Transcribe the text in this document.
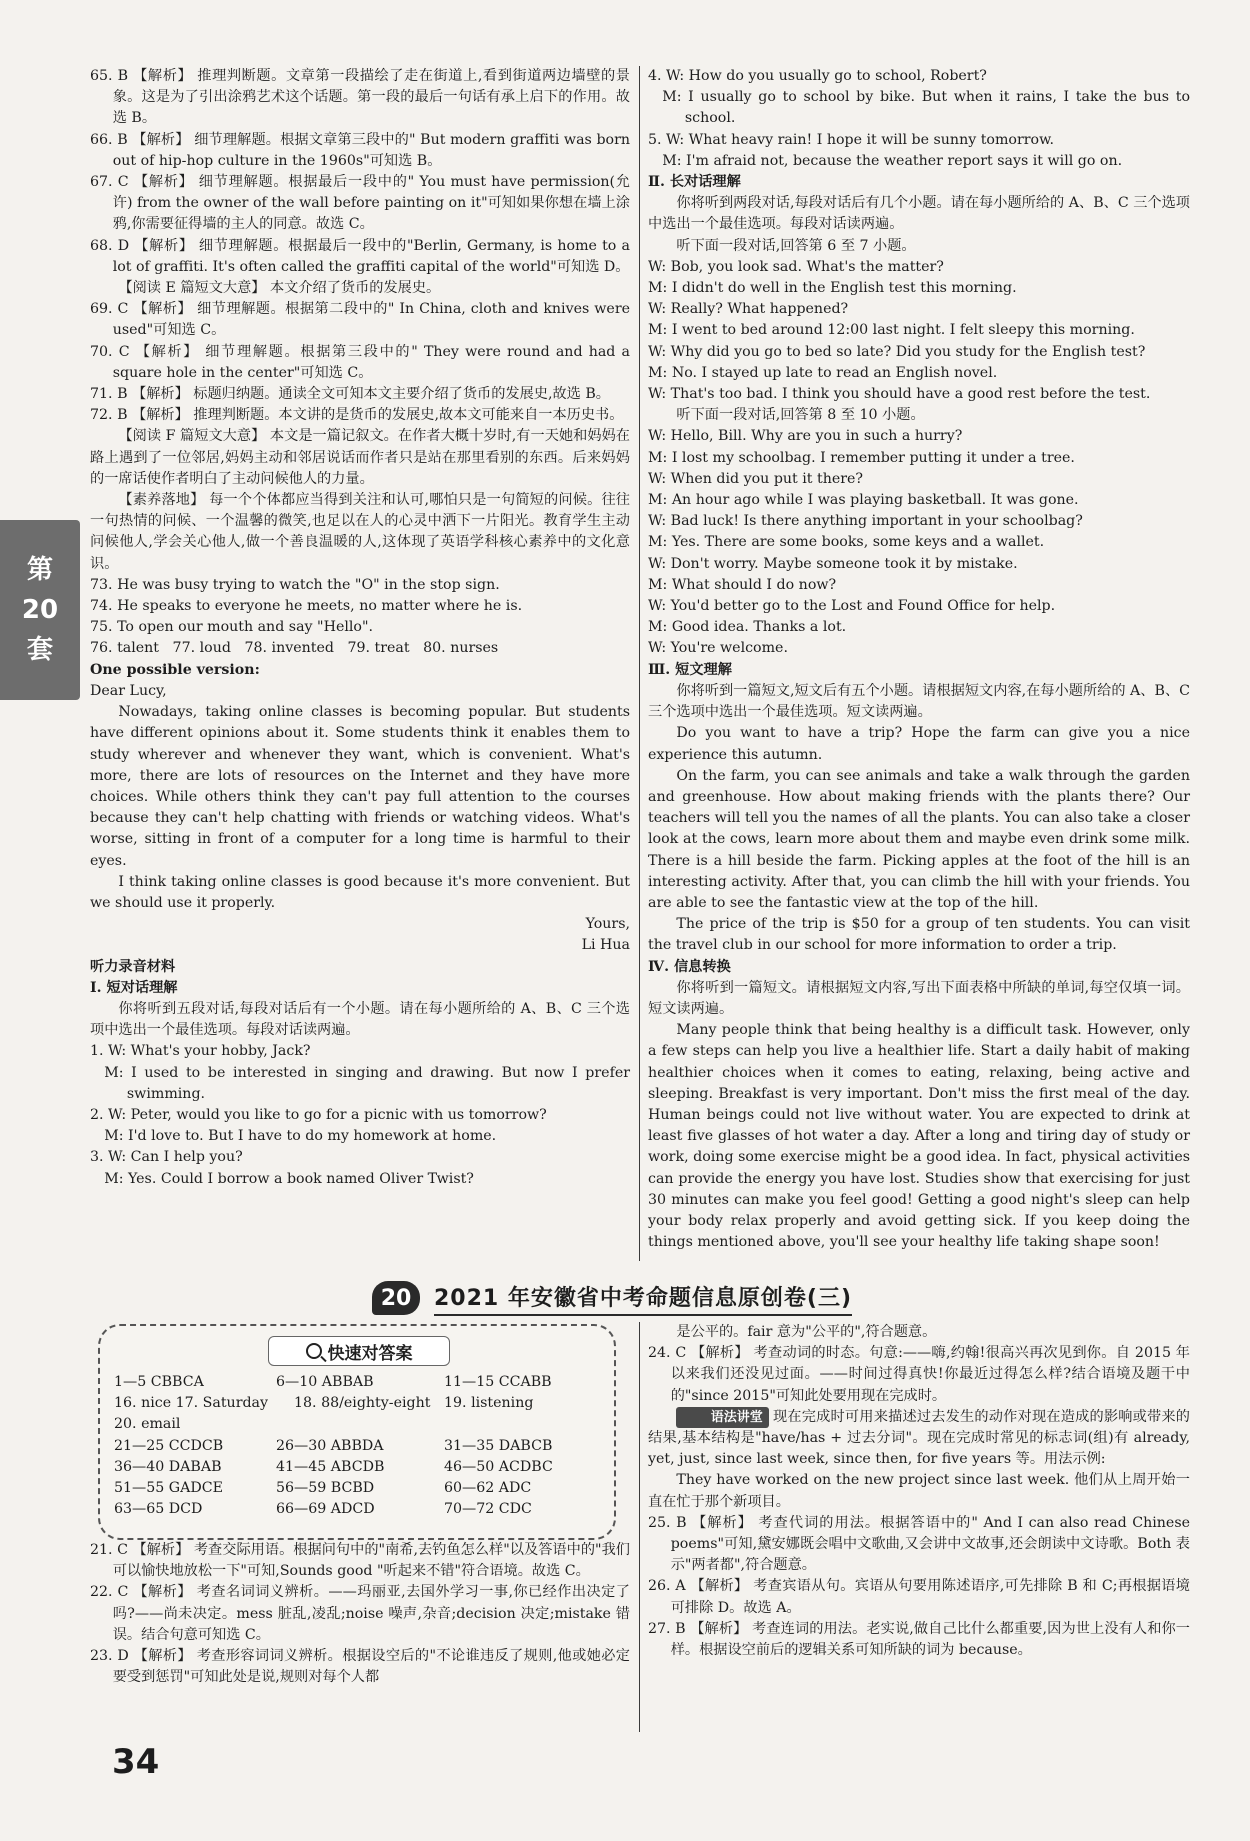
第
20
套

65. B 【解析】 推理判断题。文章第一段描绘了走在街道上,看到街道两边墙壁的景象。这是为了引出涂鸦艺术这个话题。第一段的最后一句话有承上启下的作用。故选 B。

66. B 【解析】 细节理解题。根据文章第三段中的" But modern graffiti was born out of hip-hop culture in the 1960s"可知选 B。

67. C 【解析】 细节理解题。根据最后一段中的" You must have permission(允许) from the owner of the wall before painting on it"可知如果你想在墙上涂鸦,你需要征得墙的主人的同意。故选 C。

68. D 【解析】 细节理解题。根据最后一段中的"Berlin, Germany, is home to a lot of graffiti. It's often called the graffiti capital of the world"可知选 D。

【阅读 E 篇短文大意】 本文介绍了货币的发展史。

69. C 【解析】 细节理解题。根据第二段中的" In China, cloth and knives were used"可知选 C。

70. C 【解析】 细节理解题。根据第三段中的" They were round and had a square hole in the center"可知选 C。

71. B 【解析】 标题归纳题。通读全文可知本文主要介绍了货币的发展史,故选 B。

72. B 【解析】 推理判断题。本文讲的是货币的发展史,故本文可能来自一本历史书。

【阅读 F 篇短文大意】 本文是一篇记叙文。在作者大概十岁时,有一天她和妈妈在路上遇到了一位邻居,妈妈主动和邻居说话而作者只是站在那里看别的东西。后来妈妈的一席话使作者明白了主动问候他人的力量。

【素养落地】 每一个个体都应当得到关注和认可,哪怕只是一句简短的问候。往往一句热情的问候、一个温馨的微笑,也足以在人的心灵中洒下一片阳光。教育学生主动问候他人,学会关心他人,做一个善良温暖的人,这体现了英语学科核心素养中的文化意识。

73. He was busy trying to watch the "O" in the stop sign.

74. He speaks to everyone he meets, no matter where he is.

75. To open our mouth and say "Hello".

76. talent 77. loud 78. invented 79. treat 80. nurses

One possible version:

Dear Lucy,

Nowadays, taking online classes is becoming popular. But students have different opinions about it. Some students think it enables them to study wherever and whenever they want, which is convenient. What's more, there are lots of resources on the Internet and they have more choices. While others think they can't pay full attention to the courses because they can't help chatting with friends or watching videos. What's worse, sitting in front of a computer for a long time is harmful to their eyes.

I think taking online classes is good because it's more convenient. But we should use it properly.

Yours,

Li Hua

听力录音材料

Ⅰ. 短对话理解

你将听到五段对话,每段对话后有一个小题。请在每小题所给的 A、B、C 三个选项中选出一个最佳选项。每段对话读两遍。

1. W: What's your hobby, Jack?

M: I used to be interested in singing and drawing. But now I prefer swimming.

2. W: Peter, would you like to go for a picnic with us tomorrow?

M: I'd love to. But I have to do my homework at home.

3. W: Can I help you?

M: Yes. Could I borrow a book named Oliver Twist?

4. W: How do you usually go to school, Robert?

M: I usually go to school by bike. But when it rains, I take the bus to school.

5. W: What heavy rain! I hope it will be sunny tomorrow.

M: I'm afraid not, because the weather report says it will go on.

Ⅱ. 长对话理解

你将听到两段对话,每段对话后有几个小题。请在每小题所给的 A、B、C 三个选项中选出一个最佳选项。每段对话读两遍。

听下面一段对话,回答第 6 至 7 小题。

W: Bob, you look sad. What's the matter?

M: I didn't do well in the English test this morning.

W: Really? What happened?

M: I went to bed around 12:00 last night. I felt sleepy this morning.

W: Why did you go to bed so late? Did you study for the English test?

M: No. I stayed up late to read an English novel.

W: That's too bad. I think you should have a good rest before the test.

听下面一段对话,回答第 8 至 10 小题。

W: Hello, Bill. Why are you in such a hurry?

M: I lost my schoolbag. I remember putting it under a tree.

W: When did you put it there?

M: An hour ago while I was playing basketball. It was gone.

W: Bad luck! Is there anything important in your schoolbag?

M: Yes. There are some books, some keys and a wallet.

W: Don't worry. Maybe someone took it by mistake.

M: What should I do now?

W: You'd better go to the Lost and Found Office for help.

M: Good idea. Thanks a lot.

W: You're welcome.

Ⅲ. 短文理解

你将听到一篇短文,短文后有五个小题。请根据短文内容,在每小题所给的 A、B、C 三个选项中选出一个最佳选项。短文读两遍。

Do you want to have a trip? Hope the farm can give you a nice experience this autumn.

On the farm, you can see animals and take a walk through the garden and greenhouse. How about making friends with the plants there? Our teachers will tell you the names of all the plants. You can also take a closer look at the cows, learn more about them and maybe even drink some milk. There is a hill beside the farm. Picking apples at the foot of the hill is an interesting activity. After that, you can climb the hill with your friends. You are able to see the fantastic view at the top of the hill.

The price of the trip is $50 for a group of ten students. You can visit the travel club in our school for more information to order a trip.

Ⅳ. 信息转换

你将听到一篇短文。请根据短文内容,写出下面表格中所缺的单词,每空仅填一词。短文读两遍。

Many people think that being healthy is a difficult task. However, only a few steps can help you live a healthier life. Start a daily habit of making healthier choices when it comes to eating, relaxing, being active and sleeping. Breakfast is very important. Don't miss the first meal of the day. Human beings could not live without water. You are expected to drink at least five glasses of hot water a day. After a long and tiring day of study or work, doing some exercise might be a good idea. In fact, physical activities can provide the energy you have lost. Studies show that exercising for just 30 minutes can make you feel good! Getting a good night's sleep can help your body relax properly and avoid getting sick. If you keep doing the things mentioned above, you'll see your healthy life taking shape soon!

20	2021 年安徽省中考命题信息原创卷(三)
快速对答案
1—5 CBBCA	6—10 ABBAB	11—15 CCABB
16. nice 17. Saturday	18. 88/eighty-eight 19. listening
20. email
21—25 CCDCB	26—30 ABBDA	31—35 DABCB
36—40 DABAB	41—45 ABCDB	46—50 ACDBC
51—55 GADCE	56—59 BCBD	60—62 ADC
63—65 DCD	66—69 ADCD	70—72 CDC

21. C 【解析】 考查交际用语。根据问句中的"南希,去钓鱼怎么样"以及答语中的"我们可以愉快地放松一下"可知,Sounds good "听起来不错"符合语境。故选 C。

22. C 【解析】 考查名词词义辨析。——玛丽亚,去国外学习一事,你已经作出决定了吗?——尚未决定。mess 脏乱,凌乱;noise 噪声,杂音;decision 决定;mistake 错误。结合句意可知选 C。

23. D 【解析】 考查形容词词义辨析。根据设空后的"不论谁违反了规则,他或她必定要受到惩罚"可知此处是说,规则对每个人都

是公平的。fair 意为"公平的",符合题意。

24. C 【解析】 考查动词的时态。句意:——嗨,约翰!很高兴再次见到你。自 2015 年以来我们还没见过面。——时间过得真快!你最近过得怎么样?结合语境及题干中的"since 2015"可知此处要用现在完成时。

语法讲堂 现在完成时可用来描述过去发生的动作对现在造成的影响或带来的结果,基本结构是"have/has + 过去分词"。现在完成时常见的标志词(组)有 already, yet, just, since last week, since then, for five years 等。用法示例:

They have worked on the new project since last week. 他们从上周开始一直在忙于那个新项目。

25. B 【解析】 考查代词的用法。根据答语中的" And I can also read Chinese poems"可知,黛安娜既会唱中文歌曲,又会讲中文故事,还会朗读中文诗歌。Both 表示"两者都",符合题意。

26. A 【解析】 考查宾语从句。宾语从句要用陈述语序,可先排除 B 和 C;再根据语境可排除 D。故选 A。

27. B 【解析】 考查连词的用法。老实说,做自己比什么都重要,因为世上没有人和你一样。根据设空前后的逻辑关系可知所缺的词为 because。

34
